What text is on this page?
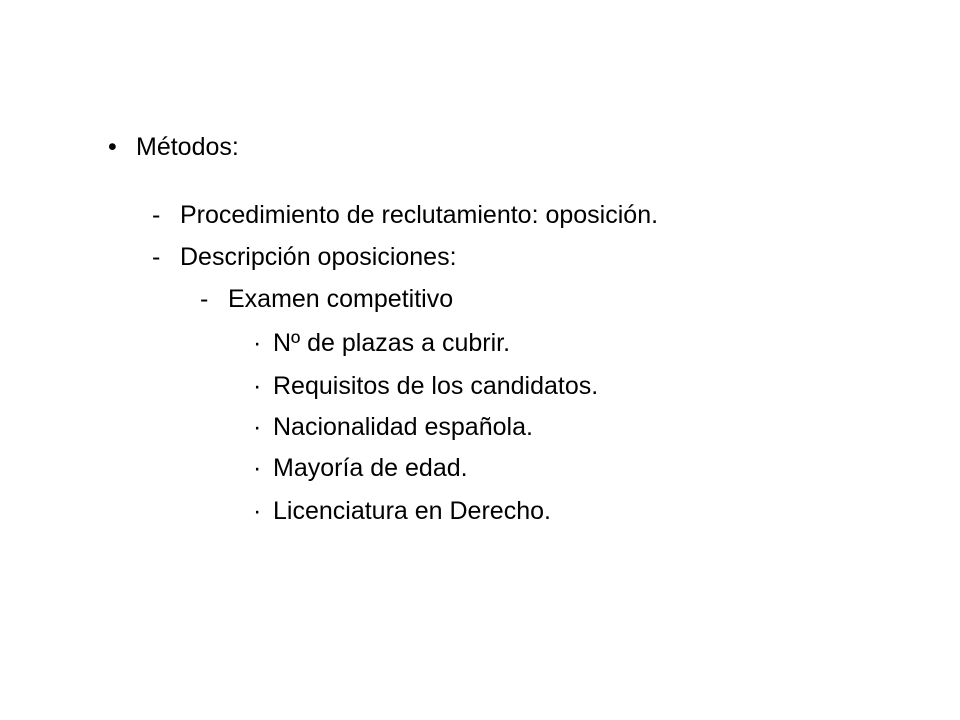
• Métodos:
- Procedimiento de reclutamiento: oposición.
- Descripción oposiciones:
- Examen competitivo
· Nº de plazas a cubrir.
· Requisitos de los candidatos.
· Nacionalidad española.
· Mayoría de edad.
· Licenciatura en Derecho.
